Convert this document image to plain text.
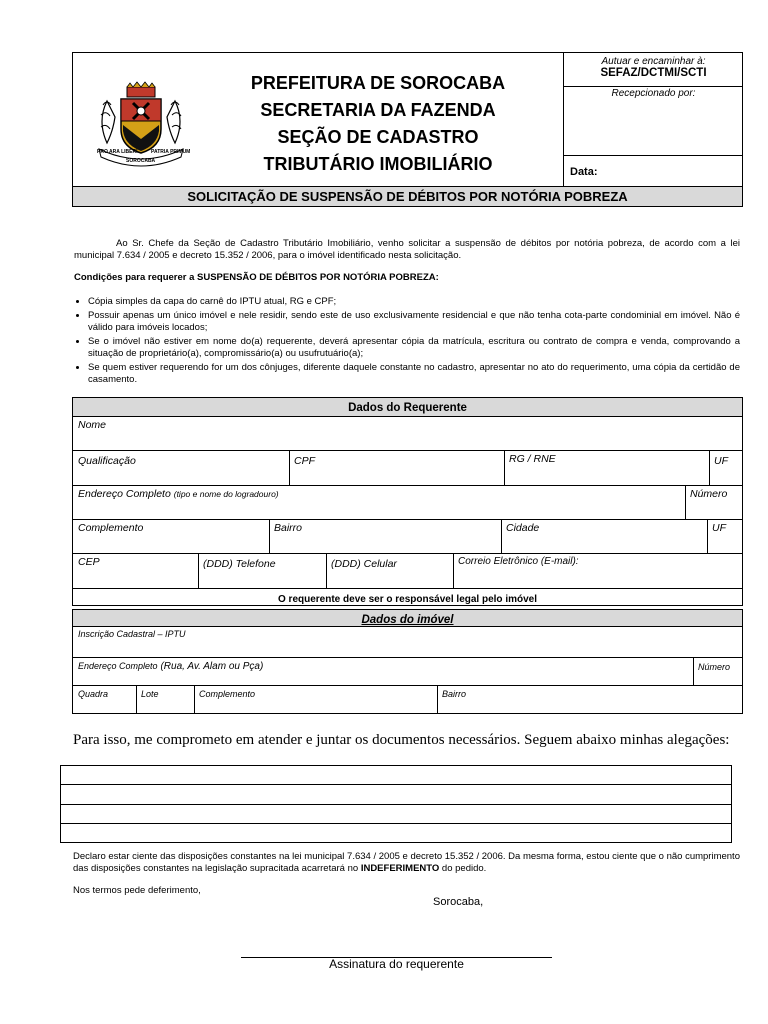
PRO ARA LIBERI	PATRIA PRIMUM
SOROCABA
PREFEITURA DE SOROCABA
SECRETARIA DA FAZENDA
SEÇÃO DE CADASTRO
TRIBUTÁRIO IMOBILIÁRIO
Autuar e encaminhar à:
SEFAZ/DCTMI/SCTI
Recepcionado por:
Data:
SOLICITAÇÃO DE SUSPENSÃO DE DÉBITOS POR NOTÓRIA POBREZA
Ao Sr. Chefe da Seção de Cadastro Tributário Imobiliário, venho solicitar a suspensão de débitos por notória pobreza, de acordo com a lei municipal 7.634 / 2005 e decreto 15.352 / 2006, para o imóvel identificado nesta solicitação.
Condições para requerer a SUSPENSÃO DE DÉBITOS POR NOTÓRIA POBREZA:
• Cópia simples da capa do carnê do IPTU atual, RG e CPF;
• Possuir apenas um único imóvel e nele residir, sendo este de uso exclusivamente residencial e que não tenha cota-parte condominial em imóvel. Não é válido para imóveis locados;
• Se o imóvel não estiver em nome do(a) requerente, deverá apresentar cópia da matrícula, escritura ou contrato de compra e venda, comprovando a situação de proprietário(a), compromissário(a) ou usufrutuário(a);
• Se quem estiver requerendo for um dos cônjuges, diferente daquele constante no cadastro, apresentar no ato do requerimento, uma cópia da certidão de casamento.
Dados do Requerente
Nome
Qualificação	CPF	RG / RNE	UF
Endereço Completo (tipo e nome do logradouro)	Número
Complemento	Bairro	Cidade	UF
CEP	(DDD) Telefone	(DDD) Celular	Correio Eletrônico (E-mail):
O requerente deve ser o responsável legal pelo imóvel
Dados do imóvel
Inscrição Cadastral – IPTU
Endereço Completo (Rua, Av. Alam ou Pça)	Número
Quadra	Lote	Complemento	Bairro
Para isso, me comprometo em atender e juntar os documentos necessários. Seguem abaixo minhas alegações:
Declaro estar ciente das disposições constantes na lei municipal 7.634 / 2005 e decreto 15.352 / 2006. Da mesma forma, estou ciente que o não cumprimento das disposições constantes na legislação supracitada acarretará no INDEFERIMENTO do pedido.
Nos termos pede deferimento,
Sorocaba,
Assinatura do requerente
